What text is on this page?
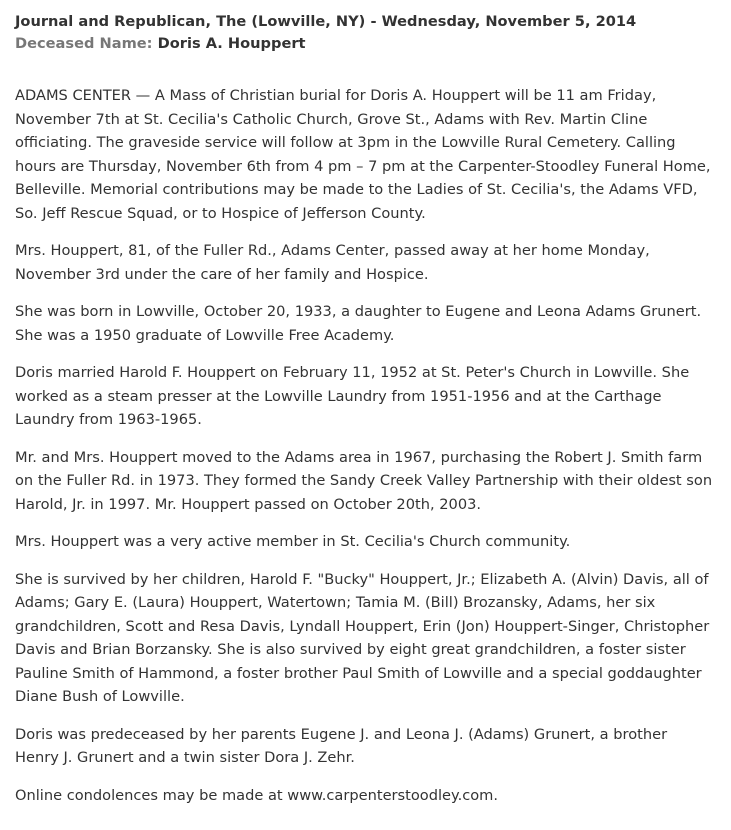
Journal and Republican, The (Lowville, NY) - Wednesday, November 5, 2014
Deceased Name: Doris A. Houppert

ADAMS CENTER — A Mass of Christian burial for Doris A. Houppert will be 11 am Friday, November 7th at St. Cecilia's Catholic Church, Grove St., Adams with Rev. Martin Cline officiating. The graveside service will follow at 3pm in the Lowville Rural Cemetery. Calling hours are Thursday, November 6th from 4 pm – 7 pm at the Carpenter-Stoodley Funeral Home, Belleville. Memorial contributions may be made to the Ladies of St. Cecilia's, the Adams VFD, So. Jeff Rescue Squad, or to Hospice of Jefferson County.

Mrs. Houppert, 81, of the Fuller Rd., Adams Center, passed away at her home Monday, November 3rd under the care of her family and Hospice.

She was born in Lowville, October 20, 1933, a daughter to Eugene and Leona Adams Grunert. She was a 1950 graduate of Lowville Free Academy.

Doris married Harold F. Houppert on February 11, 1952 at St. Peter's Church in Lowville. She worked as a steam presser at the Lowville Laundry from 1951-1956 and at the Carthage Laundry from 1963-1965.

Mr. and Mrs. Houppert moved to the Adams area in 1967, purchasing the Robert J. Smith farm on the Fuller Rd. in 1973. They formed the Sandy Creek Valley Partnership with their oldest son Harold, Jr. in 1997. Mr. Houppert passed on October 20th, 2003.

Mrs. Houppert was a very active member in St. Cecilia's Church community.

She is survived by her children, Harold F. "Bucky" Houppert, Jr.; Elizabeth A. (Alvin) Davis, all of Adams; Gary E. (Laura) Houppert, Watertown; Tamia M. (Bill) Brozansky, Adams, her six grandchildren, Scott and Resa Davis, Lyndall Houppert, Erin (Jon) Houppert-Singer, Christopher Davis and Brian Borzansky. She is also survived by eight great grandchildren, a foster sister Pauline Smith of Hammond, a foster brother Paul Smith of Lowville and a special goddaughter Diane Bush of Lowville.

Doris was predeceased by her parents Eugene J. and Leona J. (Adams) Grunert, a brother Henry J. Grunert and a twin sister Dora J. Zehr.

Online condolences may be made at www.carpenterstoodley.com.
